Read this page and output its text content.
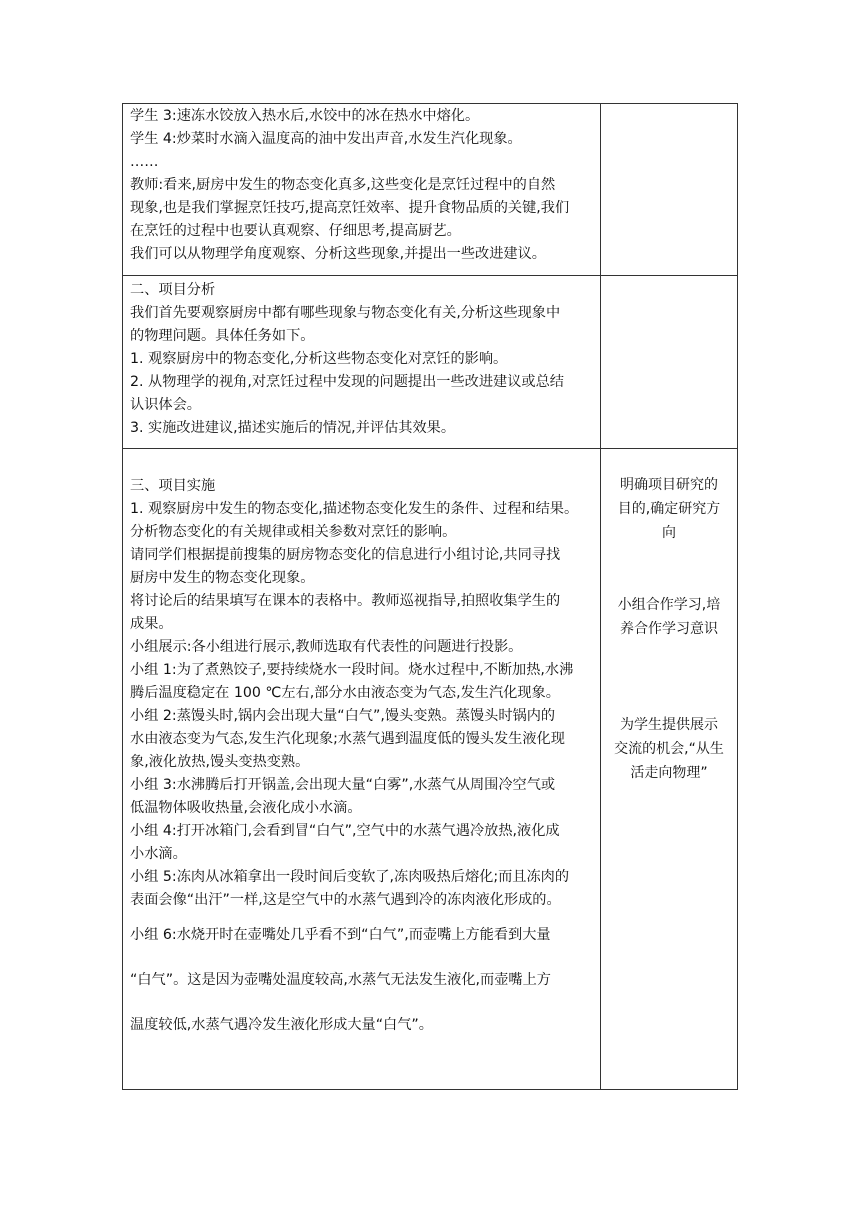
学生 3:速冻水饺放入热水后,水饺中的冰在热水中熔化。
学生 4:炒菜时水滴入温度高的油中发出声音,水发生汽化现象。
……
教师:看来,厨房中发生的物态变化真多,这些变化是烹饪过程中的自然
现象,也是我们掌握烹饪技巧,提高烹饪效率、提升食物品质的关键,我们
在烹饪的过程中也要认真观察、仔细思考,提高厨艺。
我们可以从物理学角度观察、分析这些现象,并提出一些改进建议。
二、项目分析
我们首先要观察厨房中都有哪些现象与物态变化有关,分析这些现象中
的物理问题。具体任务如下。
1. 观察厨房中的物态变化,分析这些物态变化对烹饪的影响。
2. 从物理学的视角,对烹饪过程中发现的问题提出一些改进建议或总结
认识体会。
3. 实施改进建议,描述实施后的情况,并评估其效果。
三、项目实施
1. 观察厨房中发生的物态变化,描述物态变化发生的条件、过程和结果。
分析物态变化的有关规律或相关参数对烹饪的影响。
请同学们根据提前搜集的厨房物态变化的信息进行小组讨论,共同寻找
厨房中发生的物态变化现象。
将讨论后的结果填写在课本的表格中。教师巡视指导,拍照收集学生的
成果。
小组展示:各小组进行展示,教师选取有代表性的问题进行投影。
小组 1:为了煮熟饺子,要持续烧水一段时间。烧水过程中,不断加热,水沸
腾后温度稳定在 100 ℃左右,部分水由液态变为气态,发生汽化现象。
小组 2:蒸馒头时,锅内会出现大量“白气”,馒头变熟。蒸馒头时锅内的
水由液态变为气态,发生汽化现象;水蒸气遇到温度低的馒头发生液化现
象,液化放热,馒头变热变熟。
小组 3:水沸腾后打开锅盖,会出现大量“白雾”,水蒸气从周围冷空气或
低温物体吸收热量,会液化成小水滴。
小组 4:打开冰箱门,会看到冒“白气”,空气中的水蒸气遇冷放热,液化成
小水滴。
小组 5:冻肉从冰箱拿出一段时间后变软了,冻肉吸热后熔化;而且冻肉的
表面会像“出汗”一样,这是空气中的水蒸气遇到冷的冻肉液化形成的。
小组 6:水烧开时在壶嘴处几乎看不到“白气”,而壶嘴上方能看到大量
“白气”。这是因为壶嘴处温度较高,水蒸气无法发生液化,而壶嘴上方
温度较低,水蒸气遇冷发生液化形成大量“白气”。
明确项目研究的
目的,确定研究方
向
小组合作学习,培
养合作学习意识
为学生提供展示
交流的机会,“从生
活走向物理”
